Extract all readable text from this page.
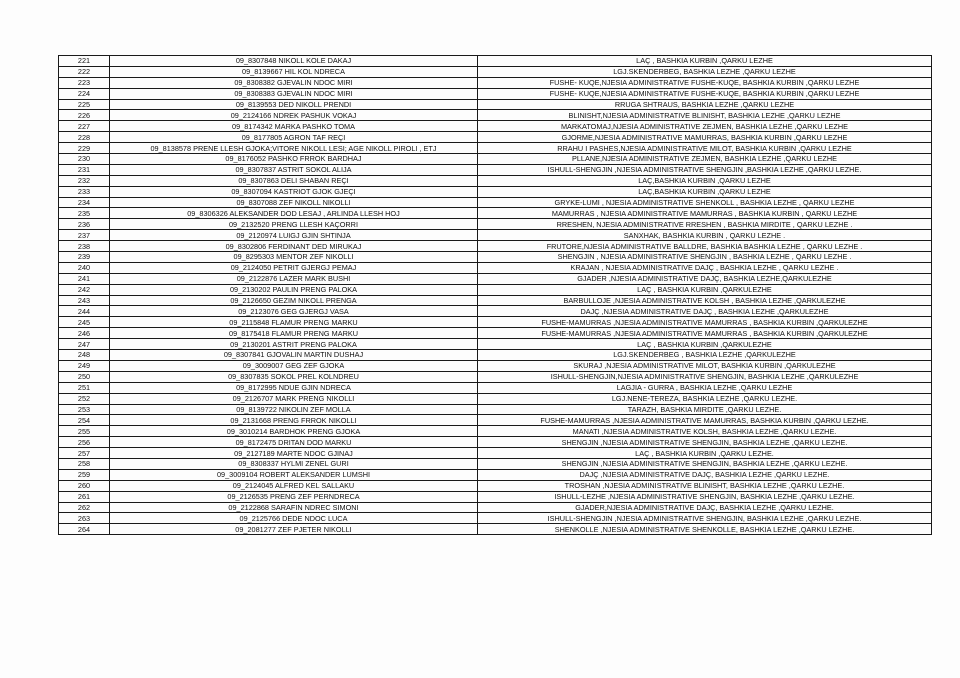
221	09_8307848 NIKOLL KOLE DAKAJ	LAÇ , BASHKIA KURBIN ,QARKU LEZHE
222	09_8139667 HIL KOL NDRECA	LGJ.SKENDERBEG, BASHKIA LEZHE ,QARKU LEZHE
223	09_8308382 GJEVALIN NDOC MIRI	FUSHE- KUQE,NJESIA ADMINISTRATIVE FUSHE-KUQE, BASHKIA KURBIN ,QARKU LEZHE
224	09_8308383 GJEVALIN NDOC MIRI	FUSHE- KUQE,NJESIA ADMINISTRATIVE FUSHE-KUQE, BASHKIA KURBIN ,QARKU LEZHE
225	09_8139553 DED NIKOLL PRENDI	RRUGA SHTRAUS, BASHKIA LEZHE ,QARKU LEZHE
226	09_2124166 NDREK PASHUK VOKAJ	BLINISHT,NJESIA ADMINISTRATIVE BLINISHT, BASHKIA LEZHE ,QARKU LEZHE
227	09_8174342 MARKA PASHKO TOMA	MARKATOMAJ,NJESIA ADMINISTRATIVE ZEJMEN, BASHKIA LEZHE ,QARKU LEZHE
228	09_8177805 AGRON TAF REÇI	GJORME,NJESIA ADMINISTRATIVE MAMURRAS, BASHKIA KURBIN ,QARKU LEZHE
229	09_8138578 PRENE LLESH GJOKA;VITORE NIKOLL LESI; AGE NIKOLL PIROLI , ETJ	RRAHU I PASHES,NJESIA ADMINISTRATIVE MILOT, BASHKIA KURBIN ,QARKU LEZHE
230	09_8176052 PASHKO FRROK BARDHAJ	PLLANE,NJESIA ADMINISTRATIVE ZEJMEN, BASHKIA LEZHE ,QARKU LEZHE
231	09_8307837 ASTRIT SOKOL ALIJA	ISHULL-SHENGJIN ,NJESIA ADMINISTRATIVE SHENGJIN ,BASHKIA LEZHE ,QARKU LEZHE.
232	09_8307863 DELI SHABAN REÇI	LAÇ,BASHKIA KURBIN ,QARKU LEZHE
233	09_8307094 KASTRIOT GJOK GJEÇI	LAÇ,BASHKIA KURBIN ,QARKU LEZHE
234	09_8307088 ZEF NIKOLL NIKOLLI	GRYKE-LUMI , NJESIA ADMINISTRATIVE SHENKOLL , BASHKIA LEZHE , QARKU LEZHE
235	09_8306326 ALEKSANDER DOD LESAJ , ARLINDA LLESH HOJ	MAMURRAS , NJESIA ADMINISTRATIVE MAMURRAS , BASHKIA KURBIN , QARKU LEZHE
236	09_2132520 PRENG LLESH KAÇORRI	RRESHEN, NJESIA ADMINISTRATIVE RRESHEN , BASHKIA MIRDITE , QARKU LEZHE .
237	09_2120974 LUIGJ GJIN SHTINJA	SANXHAK, BASHKIA KURBIN , QARKU LEZHE .
238	09_8302806 FERDINANT DED MIRUKAJ	FRUTORE,NJESIA ADMINISTRATIVE BALLDRE, BASHKIA BASHKIA LEZHE , QARKU LEZHE .
239	09_8295303 MENTOR ZEF NIKOLLI	SHENGJIN , NJESIA ADMINISTRATIVE SHENGJIN , BASHKIA LEZHE , QARKU LEZHE .
240	09_2124050 PETRIT GJERGJ PEMAJ	KRAJAN , NJESIA ADMINISTRATIVE DAJÇ , BASHKIA LEZHE , QARKU LEZHE .
241	09_2122876 LAZER MARK BUSHI	GJADER ,NJESIA ADMINISTRATIVE DAJÇ, BASHKIA LEZHE,QARKULEZHE
242	09_2130202 PAULIN PRENG PALOKA	LAÇ , BASHKIA KURBIN ,QARKULEZHE
243	09_2126650 GEZIM NIKOLL PRENGA	BARBULLOJE ,NJESIA ADMINISTRATIVE KOLSH , BASHKIA LEZHE ,QARKULEZHE
244	09_2123076 GEG GJERGJ VASA	DAJÇ ,NJESIA ADMINISTRATIVE DAJÇ , BASHKIA LEZHE ,QARKULEZHE
245	09_2115848 FLAMUR PRENG MARKU	FUSHE-MAMURRAS ,NJESIA ADMINISTRATIVE MAMURRAS , BASHKIA KURBIN ,QARKULEZHE
246	09_8175418 FLAMUR PRENG MARKU	FUSHE-MAMURRAS ,NJESIA ADMINISTRATIVE MAMURRAS , BASHKIA KURBIN ,QARKULEZHE
247	09_2130201 ASTRIT PRENG PALOKA	LAÇ , BASHKIA KURBIN ,QARKULEZHE
248	09_8307841 GJOVALIN MARTIN DUSHAJ	LGJ.SKENDERBEG , BASHKIA LEZHE ,QARKULEZHE
249	09_3009007 GEG ZEF GJOKA	SKURAJ ,NJESIA ADMINISTRATIVE MILOT, BASHKIA KURBIN ,QARKULEZHE
250	09_8307835 SOKOL PREL KOLNDREU	ISHULL-SHENGJIN,NJESIA ADMINISTRATIVE SHENGJIN, BASHKIA LEZHE ,QARKULEZHE
251	09_8172995 NDUE GJIN NDRECA	LAGJIA - GURRA , BASHKIA LEZHE ,QARKU LEZHE
252	09_2126707 MARK PRENG NIKOLLI	LGJ.NENE-TEREZA, BASHKIA LEZHE ,QARKU LEZHE.
253	09_8139722 NIKOLIN ZEF MOLLA	TARAZH, BASHKIA MIRDITE ,QARKU LEZHE.
254	09_2131668 PRENG FRROK NIKOLLI	FUSHE-MAMURRAS ,NJESIA ADMINISTRATIVE MAMURRAS, BASHKIA KURBIN ,QARKU LEZHE.
255	09_3010214 BARDHOK PRENG GJOKA	MANATI ,NJESIA ADMINISTRATIVE KOLSH, BASHKIA LEZHE ,QARKU LEZHE.
256	09_8172475 DRITAN DOD MARKU	SHENGJIN ,NJESIA ADMINISTRATIVE SHENGJIN, BASHKIA LEZHE ,QARKU LEZHE.
257	09_2127189 MARTE NDOC GJINAJ	LAÇ , BASHKIA KURBIN ,QARKU LEZHE.
258	09_8308337 HYLMI ZENEL GURI	SHENGJIN ,NJESIA ADMINISTRATIVE SHENGJIN, BASHKIA LEZHE ,QARKU LEZHE.
259	09_3009104 ROBERT ALEKSANDER LUMSHI	DAJÇ ,NJESIA ADMINISTRATIVE DAJÇ, BASHKIA LEZHE ,QARKU LEZHE.
260	09_2124045 ALFRED KEL SALLAKU	TROSHAN ,NJESIA ADMINISTRATIVE BLINISHT, BASHKIA LEZHE ,QARKU LEZHE.
261	09_2126535 PRENG ZEF PERNDRECA	ISHULL-LEZHE ,NJESIA ADMINISTRATIVE SHENGJIN, BASHKIA LEZHE ,QARKU LEZHE.
262	09_2122868 SARAFIN NDREC SIMONI	GJADER,NJESIA ADMINISTRATIVE DAJÇ, BASHKIA LEZHE ,QARKU LEZHE.
263	09_2125766 DEDE NDOC LUCA	ISHULL-SHENGJIN ,NJESIA ADMINISTRATIVE SHENGJIN, BASHKIA LEZHE ,QARKU LEZHE.
264	09_2081277 ZEF PJETER NIKOLLI	SHENKOLLE ,NJESIA ADMINISTRATIVE SHENKOLLE, BASHKIA LEZHE ,QARKU LEZHE.
